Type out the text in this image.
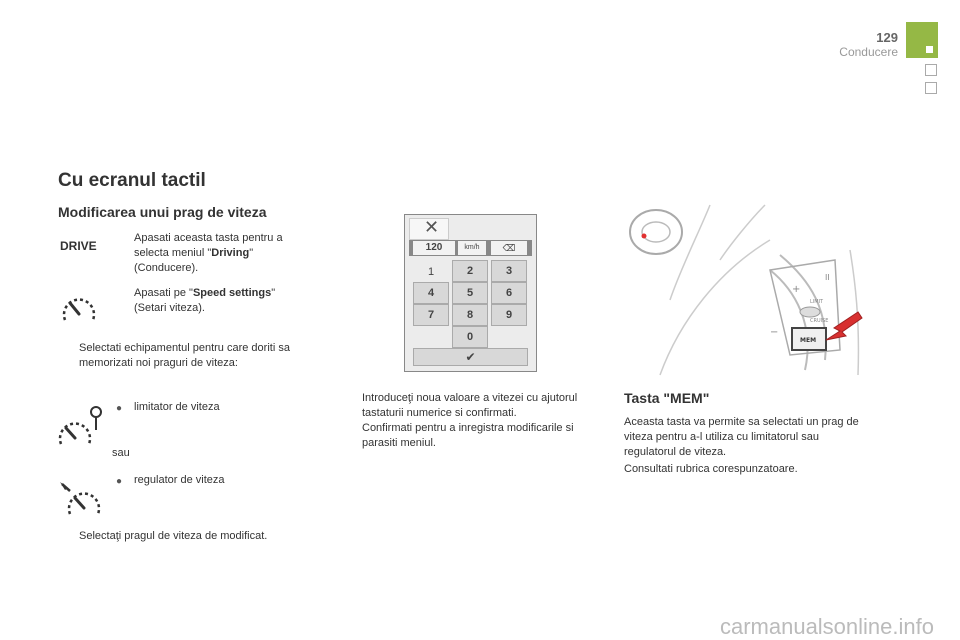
129
Conducere
Cu ecranul tactil
Modificarea unui prag de viteza
DRIVE
Apasati aceasta tasta pentru a selecta meniul "Driving" (Conducere).
Apasati pe "Speed settings" (Setari viteza).
Selectati echipamentul pentru care doriti sa memorizati noi praguri de viteza:
● limitator de viteza
sau
● regulator de viteza
Selectaţi pragul de viteza de modificat.
✕
120	km/h	⌫
1	2	3
4	5	6
7	8	9
0
✔
Introduceţi noua valoare a vitezei cu ajutorul tastaturii numerice si confirmati.
Confirmati pentru a inregistra modificarile si parasiti meniul.
+
II
−
LIMIT
CRUISE
MEM
Tasta "MEM"
Aceasta tasta va permite sa selectati un prag de viteza pentru a-l utiliza cu limitatorul sau regulatorul de viteza.
Consultati rubrica corespunzatoare.
carmanualsonline.info
